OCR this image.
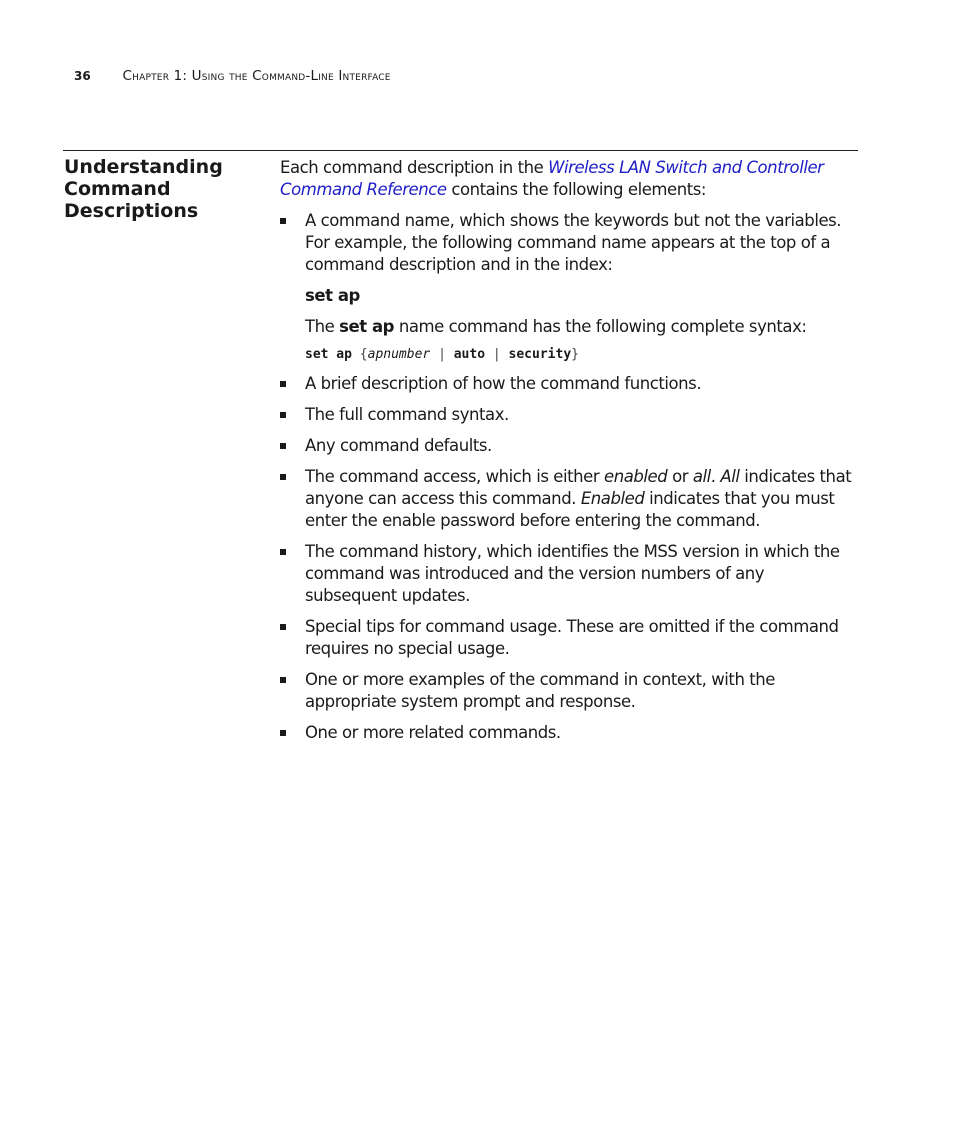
36 Chapter 1: Using the Command-Line Interface
Understanding
Command
Descriptions

Each command description in the Wireless LAN Switch and Controller Command Reference contains the following elements:

A command name, which shows the keywords but not the variables. For example, the following command name appears at the top of a command description and in the index:
set ap
The set ap name command has the following complete syntax:
set ap {apnumber | auto | security}
A brief description of how the command functions.
The full command syntax.
Any command defaults.
The command access, which is either enabled or all. All indicates that anyone can access this command. Enabled indicates that you must enter the enable password before entering the command.
The command history, which identifies the MSS version in which the command was introduced and the version numbers of any subsequent updates.
Special tips for command usage. These are omitted if the command requires no special usage.
One or more examples of the command in context, with the appropriate system prompt and response.
One or more related commands.
